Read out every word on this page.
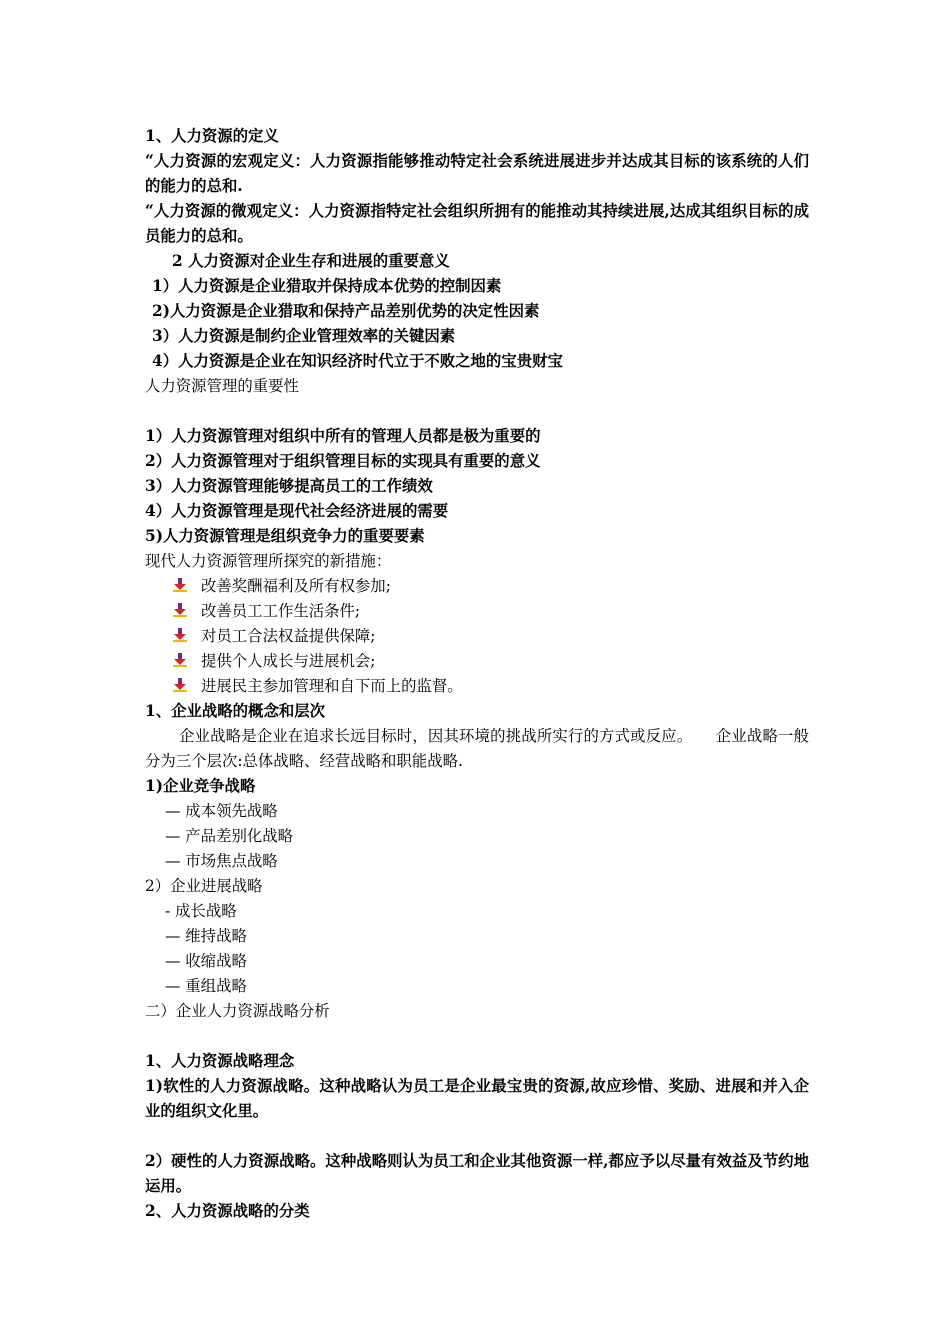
1、人力资源的定义
“人力资源的宏观定义：人力资源指能够推动特定社会系统进展进步并达成其目标的该系统的人们的能力的总和.
“人力资源的微观定义：人力资源指特定社会组织所拥有的能推动其持续进展,达成其组织目标的成员能力的总和。
2 人力资源对企业生存和进展的重要意义
1）人力资源是企业猎取并保持成本优势的控制因素
2)人力资源是企业猎取和保持产品差别优势的决定性因素
3）人力资源是制约企业管理效率的关键因素
4）人力资源是企业在知识经济时代立于不败之地的宝贵财宝
人力资源管理的重要性
1）人力资源管理对组织中所有的管理人员都是极为重要的
2）人力资源管理对于组织管理目标的实现具有重要的意义
3）人力资源管理能够提高员工的工作绩效
4）人力资源管理是现代社会经济进展的需要
5)人力资源管理是组织竞争力的重要要素
现代人力资源管理所探究的新措施：
改善奖酬福利及所有权参加;
改善员工工作生活条件;
对员工合法权益提供保障;
提供个人成长与进展机会;
进展民主参加管理和自下而上的监督。
1、企业战略的概念和层次
企业战略是企业在追求长远目标时，因其环境的挑战所实行的方式或反应。　　企业战略一般分为三个层次:总体战略、经营战略和职能战略.
1)企业竞争战略
— 成本领先战略
— 产品差别化战略
— 市场焦点战略
2）企业进展战略
- 成长战略
— 维持战略
— 收缩战略
— 重组战略
二）企业人力资源战略分析
1、人力资源战略理念
1)软性的人力资源战略。这种战略认为员工是企业最宝贵的资源,故应珍惜、奖励、进展和并入企业的组织文化里。
2）硬性的人力资源战略。这种战略则认为员工和企业其他资源一样,都应予以尽量有效益及节约地运用。
2、人力资源战略的分类
